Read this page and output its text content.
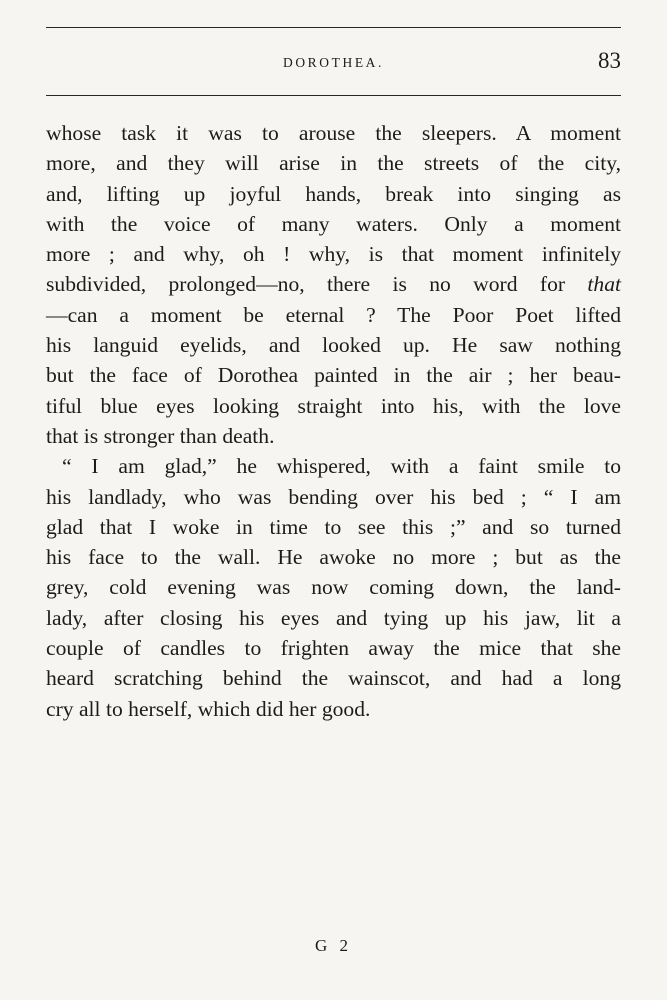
DOROTHEA.	83
whose task it was to arouse the sleepers. A moment
more, and they will arise in the streets of the city,
and, lifting up joyful hands, break into singing as
with the voice of many waters. Only a moment
more ; and why, oh ! why, is that moment infinitely
subdivided, prolonged—no, there is no word for that
—can a moment be eternal ? The Poor Poet lifted
his languid eyelids, and looked up. He saw nothing
but the face of Dorothea painted in the air ; her beau-
tiful blue eyes looking straight into his, with the love
that is stronger than death.
“ I am glad,” he whispered, with a faint smile to
his landlady, who was bending over his bed ; “ I am
glad that I woke in time to see this ;” and so turned
his face to the wall. He awoke no more ; but as the
grey, cold evening was now coming down, the land-
lady, after closing his eyes and tying up his jaw, lit a
couple of candles to frighten away the mice that she
heard scratching behind the wainscot, and had a long
cry all to herself, which did her good.
G 2
